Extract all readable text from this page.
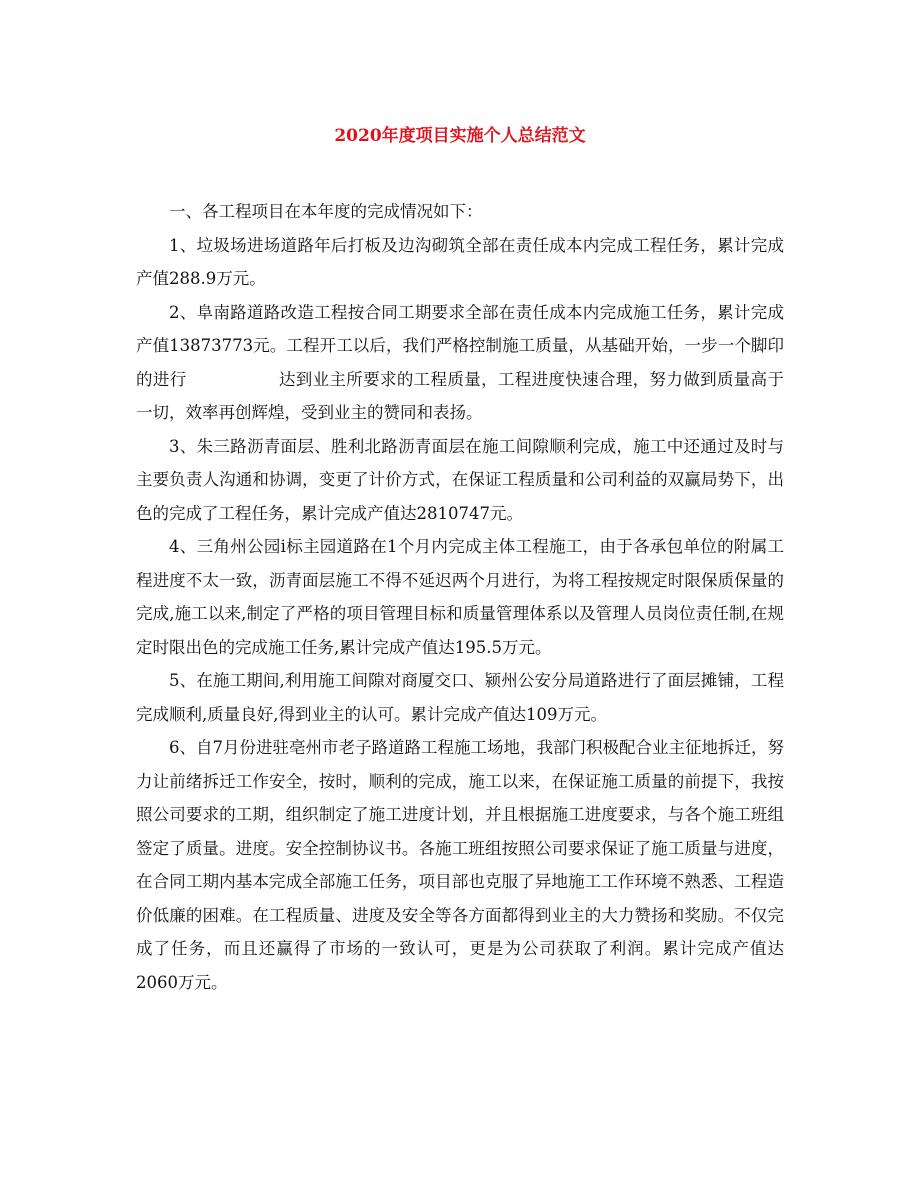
2020年度项目实施个人总结范文

一、各工程项目在本年度的完成情况如下：

1、垃圾场进场道路年后打板及边沟砌筑全部在责任成本内完成工程任务，累计完成产值288.9万元。

2、阜南路道路改造工程按合同工期要求全部在责任成本内完成施工任务，累计完成产值13873773元。工程开工以后，我们严格控制施工质量，从基础开始，一步一个脚印的进行	达到业主所要求的工程质量，工程进度快速合理，努力做到质量高于一切，效率再创辉煌，受到业主的赞同和表扬。

3、朱三路沥青面层、胜利北路沥青面层在施工间隙顺利完成，施工中还通过及时与主要负责人沟通和协调，变更了计价方式，在保证工程质量和公司利益的双赢局势下，出色的完成了工程任务，累计完成产值达2810747元。

4、三角州公园ⅰ标主园道路在1个月内完成主体工程施工，由于各承包单位的附属工程进度不太一致，沥青面层施工不得不延迟两个月进行，为将工程按规定时限保质保量的完成,施工以来,制定了严格的项目管理目标和质量管理体系以及管理人员岗位责任制,在规定时限出色的完成施工任务,累计完成产值达195.5万元。

5、在施工期间,利用施工间隙对商厦交口、颍州公安分局道路进行了面层摊铺，工程完成顺利,质量良好,得到业主的认可。累计完成产值达109万元。

6、自7月份进驻亳州市老子路道路工程施工场地，我部门积极配合业主征地拆迁，努力让前绪拆迁工作安全，按时，顺利的完成，施工以来，在保证施工质量的前提下，我按照公司要求的工期，组织制定了施工进度计划，并且根据施工进度要求，与各个施工班组签定了质量。进度。安全控制协议书。各施工班组按照公司要求保证了施工质量与进度，在合同工期内基本完成全部施工任务，项目部也克服了异地施工工作环境不熟悉、工程造价低廉的困难。在工程质量、进度及安全等各方面都得到业主的大力赞扬和奖励。不仅完成了任务，而且还赢得了市场的一致认可，更是为公司获取了利润。累计完成产值达2060万元。
